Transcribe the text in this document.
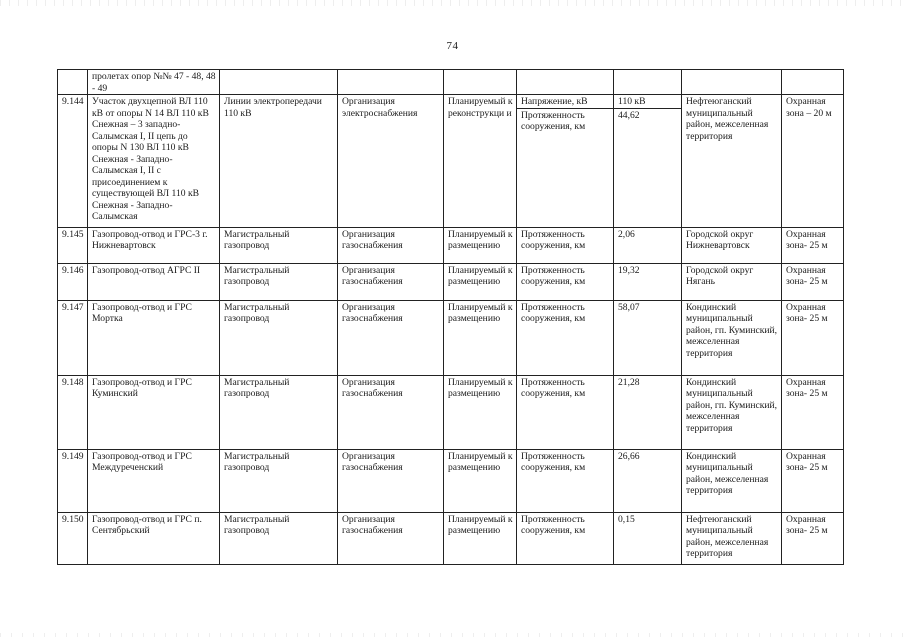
74
	пролетах опор №№ 47 - 48, 48 - 49							
9.144	Участок двухцепной ВЛ 110 кВ от опоры N 14 ВЛ 110 кВ Снежная – 3 западно-Салымская I, II цепь до опоры N 130 ВЛ 110 кВ Снежная - Западно-Салымская I, II с присоединением к существующей ВЛ 110 кВ Снежная - Западно-Салымская	Линии электропередачи 110 кВ	Организация электроснабжения	Планируемый к реконструкци и	Напряжение, кВ	110 кВ	Нефтеюганский муниципальный район, межселенная территория	Охранная зона – 20 м
					Протяженность сооружения, км	44,62		
9.145	Газопровод-отвод и ГРС-3 г. Нижневартовск	Магистральный газопровод	Организация газоснабжения	Планируемый к размещению	Протяженность сооружения, км	2,06	Городской округ Нижневартовск	Охранная зона- 25 м
9.146	Газопровод-отвод АГРС II	Магистральный газопровод	Организация газоснабжения	Планируемый к размещению	Протяженность сооружения, км	19,32	Городской округ Нягань	Охранная зона- 25 м
9.147	Газопровод-отвод и ГРС Мортка	Магистральный газопровод	Организация газоснабжения	Планируемый к размещению	Протяженность сооружения, км	58,07	Кондинский муниципальный район, гп. Куминский, межселенная территория	Охранная зона- 25 м
9.148	Газопровод-отвод и ГРС Куминский	Магистральный газопровод	Организация газоснабжения	Планируемый к размещению	Протяженность сооружения, км	21,28	Кондинский муниципальный район, гп. Куминский, межселенная территория	Охранная зона- 25 м
9.149	Газопровод-отвод и ГРС Междуреченский	Магистральный газопровод	Организация газоснабжения	Планируемый к размещению	Протяженность сооружения, км	26,66	Кондинский муниципальный район, межселенная территория	Охранная зона- 25 м
9.150	Газопровод-отвод и ГРС п. Сентябрьский	Магистральный газопровод	Организация газоснабжения	Планируемый к размещению	Протяженность сооружения, км	0,15	Нефтеюганский муниципальный район, межселенная территория	Охранная зона- 25 м
